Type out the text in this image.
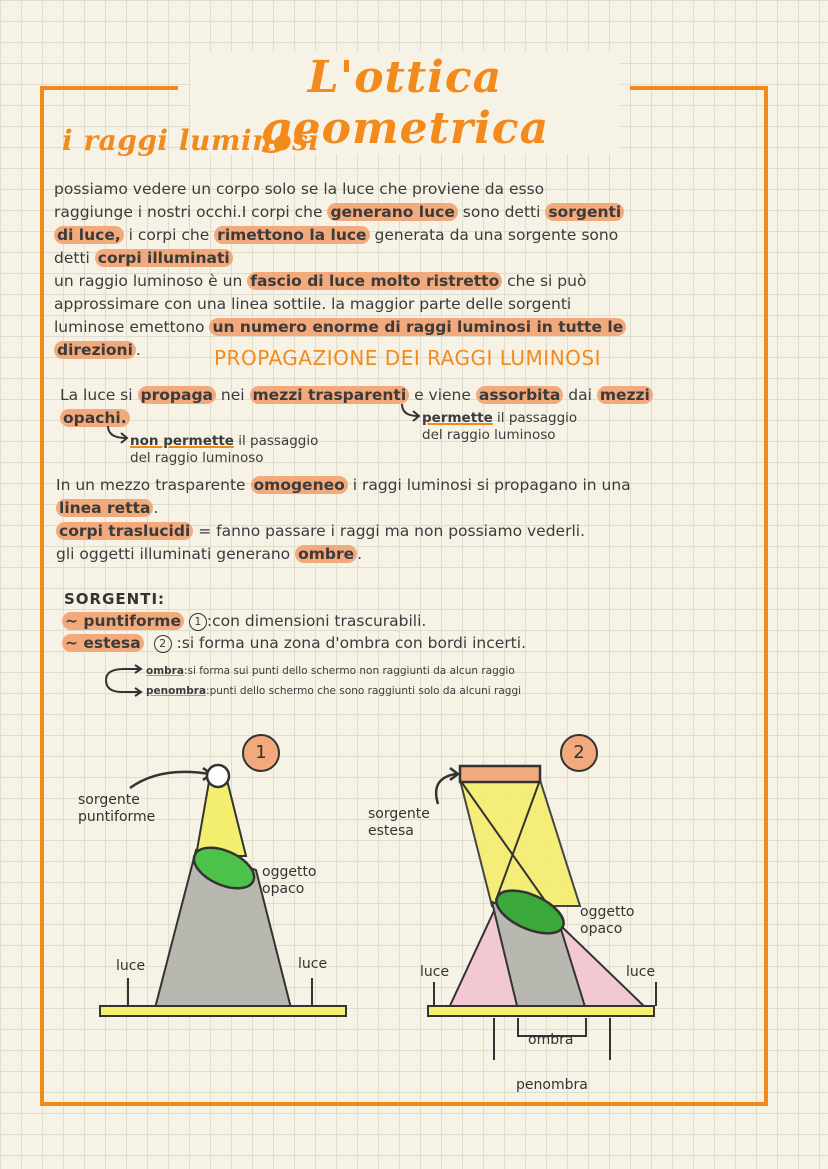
L'ottica geometrica
i raggi luminosi
possiamo vedere un corpo solo se la luce che proviene da esso
raggiunge i nostri occhi.I corpi che generano luce sono detti sorgenti
di luce, i corpi che rimettono la luce generata da una sorgente sono
detti corpi illuminati
un raggio luminoso è un fascio di luce molto ristretto che si può
approssimare con una linea sottile. la maggior parte delle sorgenti
luminose emettono un numero enorme di raggi luminosi in tutte le
direzioni .	PROPAGAZIONE DEI RAGGI LUMINOSI
La luce si propaga nei mezzi trasparenti e viene assorbita dai mezzi
opachi.	permette il passaggio
del raggio luminoso
non permette il passaggio
del raggio luminoso
In un mezzo trasparente omogeneo i raggi luminosi si propagano in una
linea retta .
corpi traslucidi = fanno passare i raggi ma non possiamo vederli.
gli oggetti illuminati generano ombre .
SORGENTI:
~ puntiforme 1 :con dimensioni trascurabili.
~ estesa 2 :si forma una zona d'ombra con bordi incerti.
ombra:si forma sui punti dello schermo non raggiunti da alcun raggio
penombra:punti dello schermo che sono raggiunti solo da alcuni raggi
1
sorgente
puntiforme
oggetto
opaco
luce	luce
2
sorgente
estesa
oggetto
opaco
luce	luce
ombra
penombra
